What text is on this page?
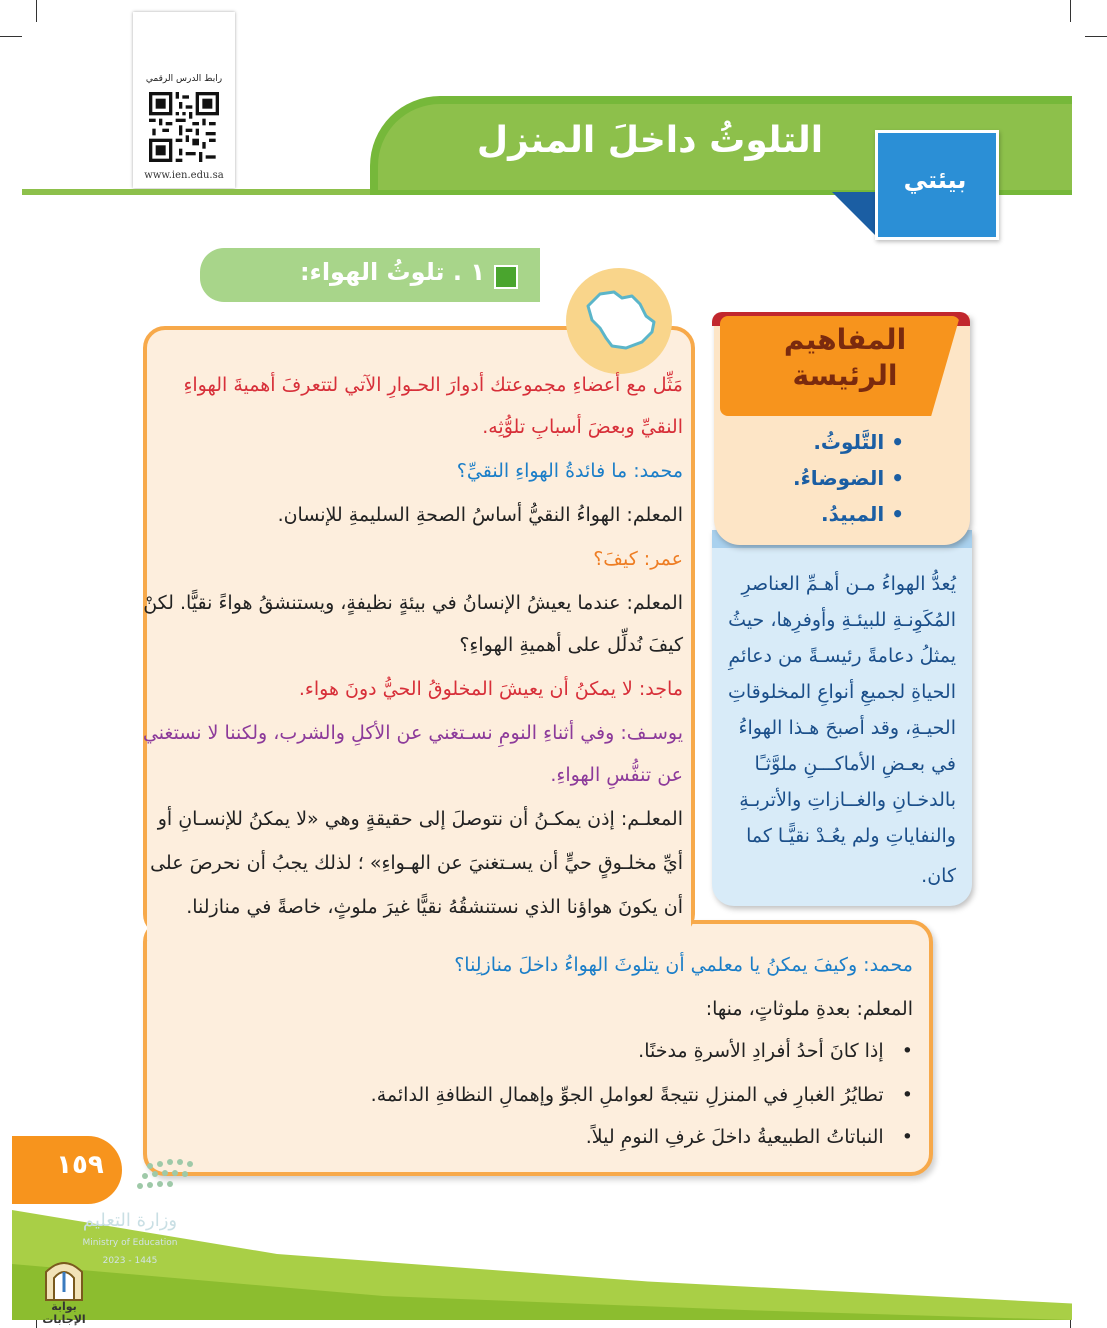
رابط الدرس الرقمي
www.ien.edu.sa
التلوثُ داخلَ المنزل
بيئتي
١ . تلوثُ الهواء:
مَثِّل مع أعضاءِ مجموعتك أدوارَ الحـوارِ الآتي لتتعرفَ أهميةَ الهواءِ
النقيِّ وبعضَ أسبابِ تلوُّثِه.
محمد: ما فائدةُ الهواءِ النقيِّ؟
المعلم: الهواءُ النقيُّ أساسُ الصحةِ السليمةِ للإنسان.
عمر: كيفَ؟
المعلم: عندما يعيشُ الإنسانُ في بيئةٍ نظيفةٍ، ويستنشقُ هواءً نقيًّا. لكنْ
كيفَ نُدلِّل على أهميةِ الهواءِ؟
ماجد: لا يمكنُ أن يعيشَ المخلوقُ الحيُّ دونَ هواء.
يوسـف: وفي أثناءِ النومِ نسـتغني عن الأكلِ والشرب، ولكننا لا نستغني
عن تنفُّسِ الهواءِ.
المعلـم: إذن يمكـنُ أن نتوصلَ إلى حقيقةٍ وهي «لا يمكنُ للإنسـانِ أو
أيِّ مخلـوقٍ حيٍّ أن يسـتغنيَ عن الهـواءِ» ؛ لذلك يجبُ أن نحرصَ على
أن يكونَ هواؤنا الذي نستنشقُهُ نقيًّا غيرَ ملوثٍ، خاصةً في منازلنا.
محمد: وكيفَ يمكنُ يا معلمي أن يتلوثَ الهواءُ داخلَ منازلِنا؟
المعلم: بعدةِ ملوثاتٍ، منها:
•   إذا كانَ أحدُ أفرادِ الأسرةِ مدخنًا.
•   تطايُرُ الغبارِ في المنزلِ نتيجةً لعواملِ الجوِّ وإهمالِ النظافةِ الدائمة.
•   النباتاتُ الطبيعيةُ داخلَ غرفِ النومِ ليلاً.
يُعدُّ الهواءُ مـن أهـمِّ العناصرِ
المُكَوِنـةِ للبيئـةِ وأوفرِها، حيثُ
يمثلُ دعامةً رئيسـةً من دعائمِ
الحياةِ لجميعِ أنواعِ المخلوقاتِ
الحيـةِ، وقد أصبحَ هـذا الهواءُ
في بعـضِ الأماكـــنِ ملوَّثـًا
بالدخـانِ والغــازاتِ والأتربـةِ
والنفاياتِ ولم يعُـدْ نقيًّـا كما
كان.
المفاهيم
الرئيسة
• التَّلوثُ.
• الضوضاءُ.
• المبيدُ.
١٥٩
وزارة التعليم
Ministry of Education
2023 - 1445
بوابة الإجابات
